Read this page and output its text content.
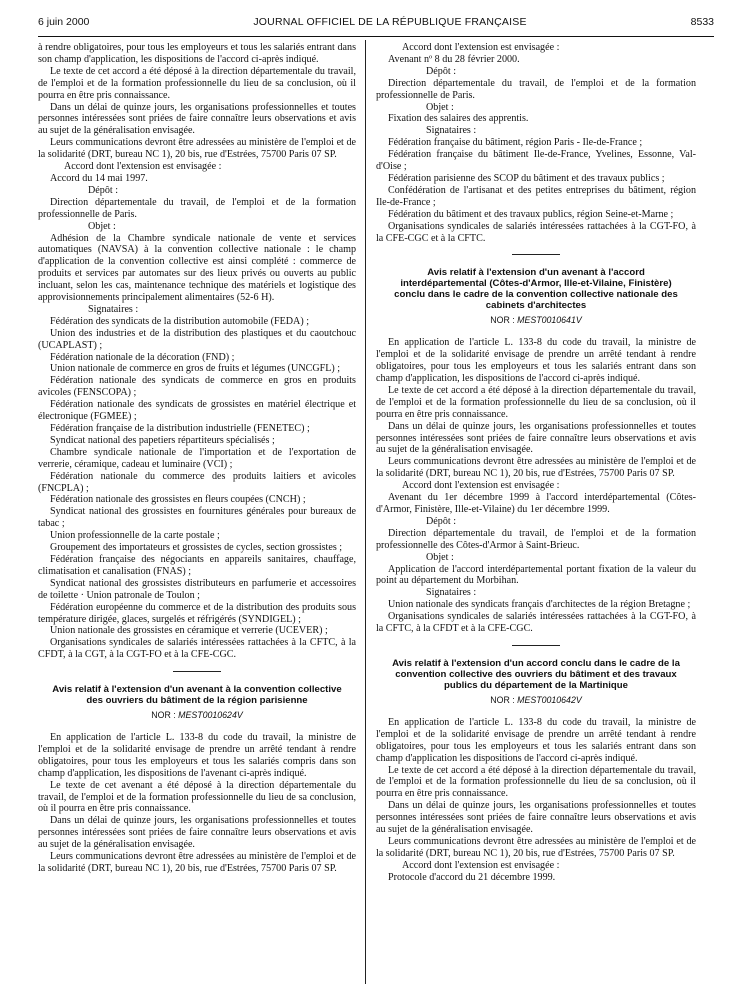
6 juin 2000	JOURNAL OFFICIEL DE LA RÉPUBLIQUE FRANÇAISE	8533

à rendre obligatoires, pour tous les employeurs et tous les salariés entrant dans son champ d'application, les dispositions de l'accord ci-après indiqué.

Le texte de cet accord a été déposé à la direction départementale du travail, de l'emploi et de la formation professionnelle du lieu de sa conclusion, où il pourra en être pris connaissance.

Dans un délai de quinze jours, les organisations professionnelles et toutes personnes intéressées sont priées de faire connaître leurs observations et avis au sujet de la généralisation envisagée.

Leurs communications devront être adressées au ministère de l'emploi et de la solidarité (DRT, bureau NC 1), 20 bis, rue d'Estrées, 75700 Paris 07 SP.

Accord dont l'extension est envisagée :

Accord du 14 mai 1997.

Dépôt :

Direction départementale du travail, de l'emploi et de la formation professionnelle de Paris.

Objet :

Adhésion de la Chambre syndicale nationale de vente et services automatiques (NAVSA) à la convention collective nationale : le champ d'application de la convention collective est ainsi complété : commerce de produits et services par automates sur des lieux privés ou ouverts au public incluant, selon les cas, maintenance technique des matériels et logistique des approvisionnements principalement alimentaires (52-6 H).

Signataires :

Fédération des syndicats de la distribution automobile (FEDA) ;

Union des industries et de la distribution des plastiques et du caoutchouc (UCAPLAST) ;

Fédération nationale de la décoration (FND) ;

Union nationale de commerce en gros de fruits et légumes (UNCGFL) ;

Fédération nationale des syndicats de commerce en gros en produits avicoles (FENSCOPA) ;

Fédération nationale des syndicats de grossistes en matériel électrique et électronique (FGMEE) ;

Fédération française de la distribution industrielle (FENETEC) ;

Syndicat national des papetiers répartiteurs spécialisés ;

Chambre syndicale nationale de l'importation et de l'exportation de verrerie, céramique, cadeau et luminaire (VCI) ;

Fédération nationale du commerce des produits laitiers et avicoles (FNCPLA) ;

Fédération nationale des grossistes en fleurs coupées (CNCH) ;

Syndicat national des grossistes en fournitures générales pour bureaux de tabac ;

Union professionnelle de la carte postale ;

Groupement des importateurs et grossistes de cycles, section grossistes ;

Fédération française des négociants en appareils sanitaires, chauffage, climatisation et canalisation (FNAS) ;

Syndicat national des grossistes distributeurs en parfumerie et accessoires de toilette · Union patronale de Toulon ;

Fédération européenne du commerce et de la distribution des produits sous température dirigée, glaces, surgelés et réfrigérés (SYNDIGEL) ;

Union nationale des grossistes en céramique et verrerie (UCEVER) ;

Organisations syndicales de salariés intéressées rattachées à la CFTC, à la CFDT, à la CGT, à la CGT-FO et à la CFE-CGC.

Avis relatif à l'extension d'un avenant à la convention collective des ouvriers du bâtiment de la région parisienne

NOR : MEST0010624V

En application de l'article L. 133-8 du code du travail, la ministre de l'emploi et de la solidarité envisage de prendre un arrêté tendant à rendre obligatoires, pour tous les employeurs et tous les salariés compris dans son champ d'application, les dispositions de l'avenant ci-après indiqué.

Le texte de cet avenant a été déposé à la direction départementale du travail, de l'emploi et de la formation professionnelle du lieu de sa conclusion, où il pourra en être pris connaissance.

Dans un délai de quinze jours, les organisations professionnelles et toutes personnes intéressées sont priées de faire connaître leurs observations et avis au sujet de la généralisation envisagée.

Leurs communications devront être adressées au ministère de l'emploi et de la solidarité (DRT, bureau NC 1), 20 bis, rue d'Estrées, 75700 Paris 07 SP.

Accord dont l'extension est envisagée :

Avenant nº 8 du 28 février 2000.

Dépôt :

Direction départementale du travail, de l'emploi et de la formation professionnelle de Paris.

Objet :

Fixation des salaires des apprentis.

Signataires :

Fédération française du bâtiment, région Paris - Ile-de-France ;

Fédération française du bâtiment Ile-de-France, Yvelines, Essonne, Val-d'Oise ;

Fédération parisienne des SCOP du bâtiment et des travaux publics ;

Confédération de l'artisanat et des petites entreprises du bâtiment, région Ile-de-France ;

Fédération du bâtiment et des travaux publics, région Seine-et-Marne ;

Organisations syndicales de salariés intéressées rattachées à la CGT-FO, à la CFE-CGC et à la CFTC.

Avis relatif à l'extension d'un avenant à l'accord interdépartemental (Côtes-d'Armor, Ille-et-Vilaine, Finistère) conclu dans le cadre de la convention collective nationale des cabinets d'architectes

NOR : MEST0010641V

En application de l'article L. 133-8 du code du travail, la ministre de l'emploi et de la solidarité envisage de prendre un arrêté tendant à rendre obligatoires, pour tous les employeurs et tous les salariés entrant dans son champ d'application, les dispositions de l'accord ci-après indiqué.

Le texte de cet accord a été déposé à la direction départementale du travail, de l'emploi et de la formation professionnelle du lieu de sa conclusion, où il pourra en être pris connaissance.

Dans un délai de quinze jours, les organisations professionnelles et toutes personnes intéressées sont priées de faire connaître leurs observations et avis au sujet de la généralisation envisagée.

Leurs communications devront être adressées au ministère de l'emploi et de la solidarité (DRT, bureau NC 1), 20 bis, rue d'Estrées, 75700 Paris 07 SP.

Accord dont l'extension est envisagée :

Avenant du 1er décembre 1999 à l'accord interdépartemental (Côtes-d'Armor, Finistère, Ille-et-Vilaine) du 1er décembre 1999.

Dépôt :

Direction départementale du travail, de l'emploi et de la formation professionnelle des Côtes-d'Armor à Saint-Brieuc.

Objet :

Application de l'accord interdépartemental portant fixation de la valeur du point au département du Morbihan.

Signataires :

Union nationale des syndicats français d'architectes de la région Bretagne ;

Organisations syndicales de salariés intéressées rattachées à la CGT-FO, à la CFTC, à la CFDT et à la CFE-CGC.

Avis relatif à l'extension d'un accord conclu dans le cadre de la convention collective des ouvriers du bâtiment et des travaux publics du département de la Martinique

NOR : MEST0010642V

En application de l'article L. 133-8 du code du travail, la ministre de l'emploi et de la solidarité envisage de prendre un arrêté tendant à rendre obligatoires, pour tous les employeurs et tous les salariés entrant dans son champ d'application les dispositions de l'accord ci-après indiqué.

Le texte de cet accord a été déposé à la direction départementale du travail, de l'emploi et de la formation professionnelle du lieu de sa conclusion, où il pourra en être pris connaissance.

Dans un délai de quinze jours, les organisations professionnelles et toutes personnes intéressées sont priées de faire connaître leurs observations et avis au sujet de la généralisation envisagée.

Leurs communications devront être adressées au ministère de l'emploi et de la solidarité (DRT, bureau NC 1), 20 bis, rue d'Estrées, 75700 Paris 07 SP.

Accord dont l'extension est envisagée :

Protocole d'accord du 21 décembre 1999.
